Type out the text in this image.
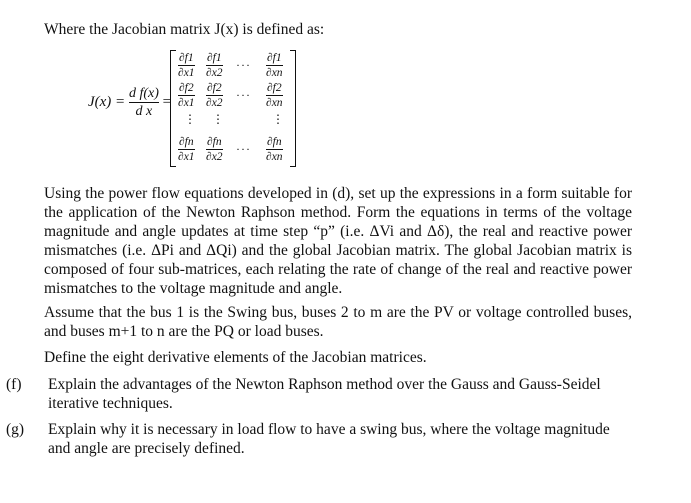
Where the Jacobian matrix J(x) is defined as:

$J(x) = \frac{\text{d f(x)}}{\text{d x}}$ =
∂f1
∂x1
∂f1
∂x2
··· ∂f1
∂xn
∂f2
∂x1
∂f2
∂x2
··· ∂f2
∂xn
⋮ ⋮	⋮
∂fn
∂x1
∂fn
∂x2
··· ∂fn
∂xn

Using the power flow equations developed in (d), set up the expressions in a form suitable for the application of the Newton Raphson method. Form the equations in terms of the voltage magnitude and angle updates at time step “p” (i.e. ΔVi and Δδ), the real and reactive power mismatches (i.e. ΔPi and ΔQi) and the global Jacobian matrix. The global Jacobian matrix is composed of four sub-matrices, each relating the rate of change of the real and reactive power mismatches to the voltage magnitude and angle.

Assume that the bus 1 is the Swing bus, buses 2 to m are the PV or voltage controlled buses, and buses m+1 to n are the PQ or load buses.

Define the eight derivative elements of the Jacobian matrices.

(f) Explain the advantages of the Newton Raphson method over the Gauss and Gauss-Seidel iterative techniques.
(g) Explain why it is necessary in load flow to have a swing bus, where the voltage magnitude and angle are precisely defined.
